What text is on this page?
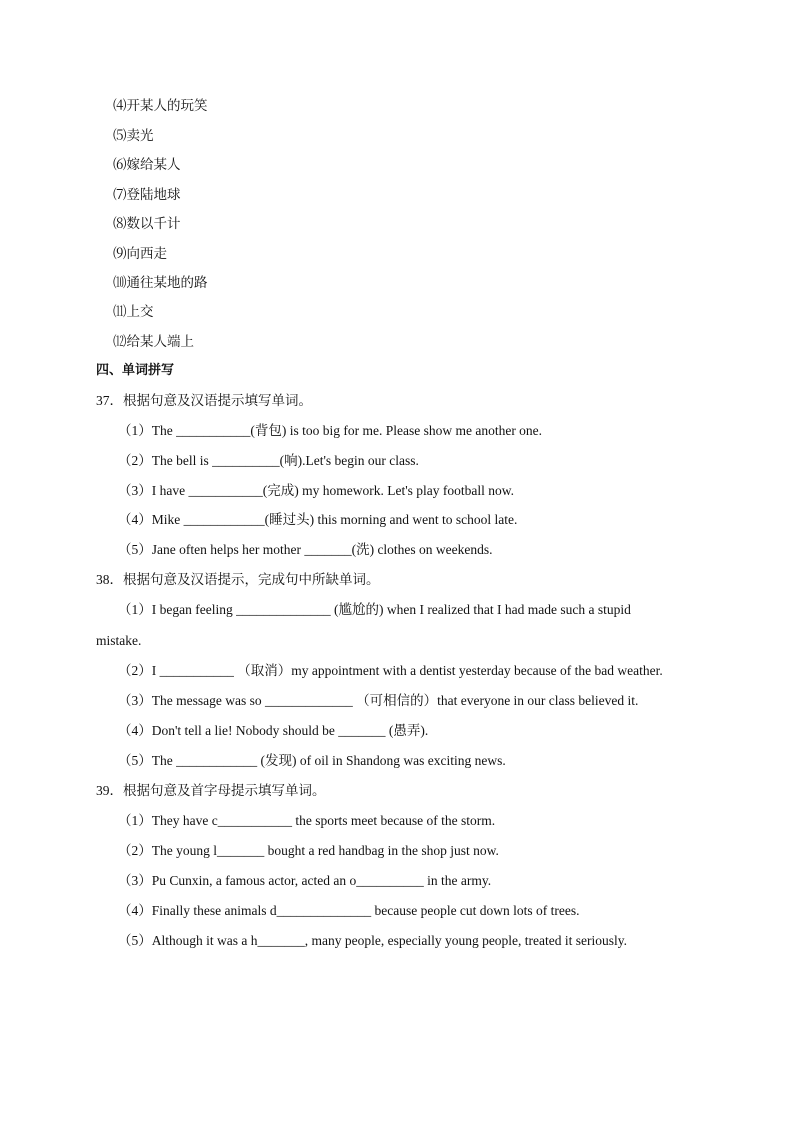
⑷开某人的玩笑
⑸卖光
⑹嫁给某人
⑺登陆地球
⑻数以千计
⑼向西走
⑽通往某地的路
⑾上交
⑿给某人端上
四、单词拼写
37．根据句意及汉语提示填写单词。
（1）The ___________(背包) is too big for me. Please show me another one.
（2）The bell is __________(响).Let's begin our class.
（3）I have ___________(完成) my homework. Let's play football now.
（4）Mike ____________(睡过头) this morning and went to school late.
（5）Jane often helps her mother _______(洗) clothes on weekends.
38．根据句意及汉语提示，完成句中所缺单词。
（1）I began feeling ______________ (尴尬的) when I realized that I had made such a stupid
mistake.
（2）I ___________ （取消）my appointment with a dentist yesterday because of the bad weather.
（3）The message was so _____________ （可相信的）that everyone in our class believed it.
（4）Don't tell a lie! Nobody should be _______ (愚弄).
（5）The ____________ (发现) of oil in Shandong was exciting news.
39．根据句意及首字母提示填写单词。
（1）They have c___________ the sports meet because of the storm.
（2）The young l_______ bought a red handbag in the shop just now.
（3）Pu Cunxin, a famous actor, acted an o__________ in the army.
（4）Finally these animals d______________ because people cut down lots of trees.
（5）Although it was a h_______, many people, especially young people, treated it seriously.
